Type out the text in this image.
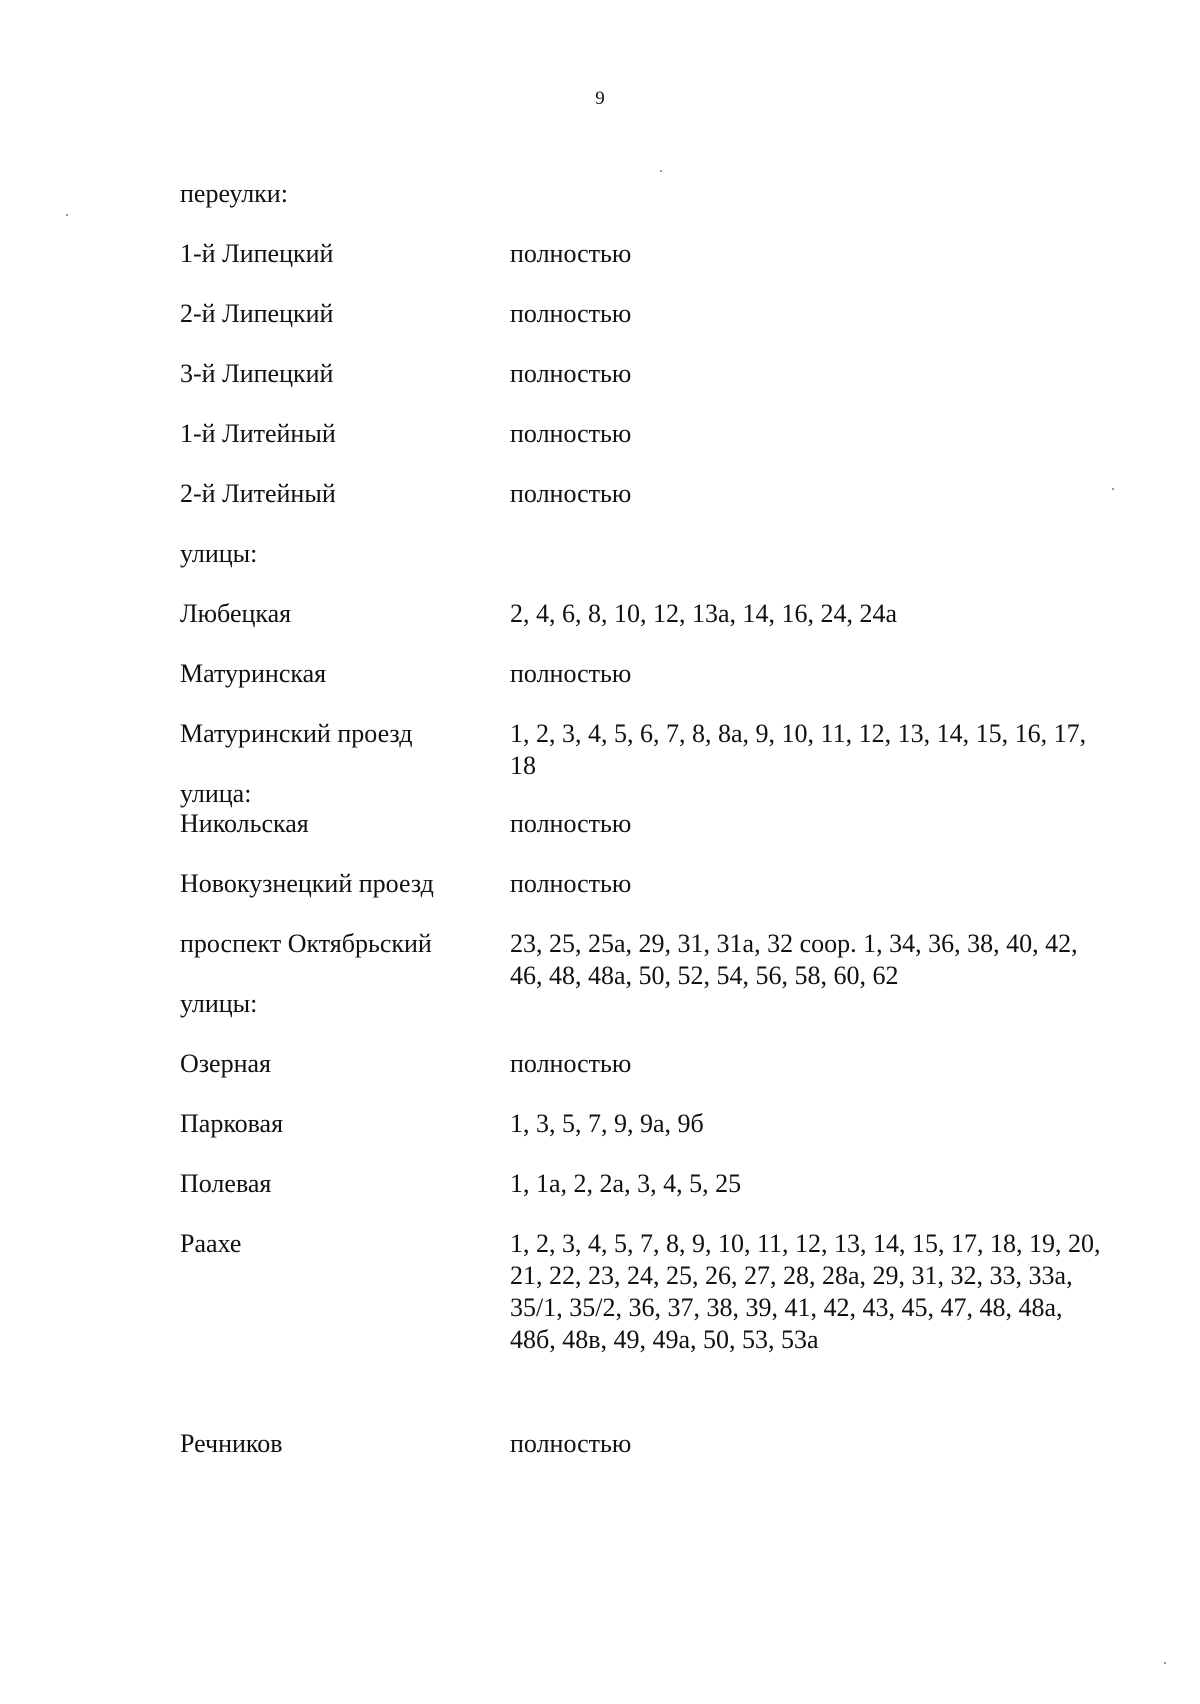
9
переулки:
1-й Липецкий	полностью
2-й Липецкий	полностью
3-й Липецкий	полностью
1-й Литейный	полностью
2-й Литейный	полностью
улицы:
Любецкая	2, 4, 6, 8, 10, 12, 13а, 14, 16, 24, 24а
Матуринская	полностью
Матуринский проезд	1, 2, 3, 4, 5, 6, 7, 8, 8а, 9, 10, 11, 12, 13, 14, 15, 16, 17, 18
улица:
Никольская	полностью
Новокузнецкий проезд	полностью
проспект Октябрьский	23, 25, 25а, 29, 31, 31а, 32 соор. 1, 34, 36, 38, 40, 42, 46, 48, 48а, 50, 52, 54, 56, 58, 60, 62
улицы:
Озерная	полностью
Парковая	1, 3, 5, 7, 9, 9а, 9б
Полевая	1, 1а, 2, 2а, 3, 4, 5, 25
Раахе	1, 2, 3, 4, 5, 7, 8, 9, 10, 11, 12, 13, 14, 15, 17, 18, 19, 20, 21, 22, 23, 24, 25, 26, 27, 28, 28а, 29, 31, 32, 33, 33а, 35/1, 35/2, 36, 37, 38, 39, 41, 42, 43, 45, 47, 48, 48а, 48б, 48в, 49, 49а, 50, 53, 53а
Речников	полностью
